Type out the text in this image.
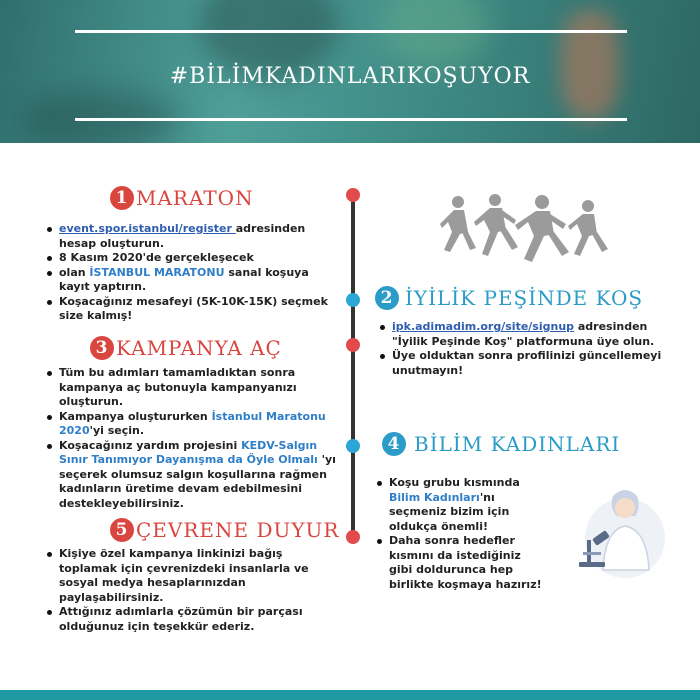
#BİLİMKADINLARIKOŞUYOR
1 MARATON
event.spor.istanbul/register adresinden hesap oluşturun.
8 Kasım 2020'de gerçekleşecek
olan İSTANBUL MARATONU sanal koşuya kayıt yaptırın.
Koşacağınız mesafeyi (5K-10K-15K) seçmek size kalmış!
2 İYİLİK PEŞİNDE KOŞ
ipk.adimadim.org/site/signup adresinden "İyilik Peşinde Koş" platformuna üye olun.
Üye olduktan sonra profilinizi güncellemeyi unutmayın!
3 KAMPANYA AÇ
Tüm bu adımları tamamladıktan sonra kampanya aç butonuyla kampanyanızı oluşturun.
Kampanya oluştururken İstanbul Maratonu 2020'yi seçin.
Koşacağınız yardım projesini KEDV-Salgın Sınır Tanımıyor Dayanışma da Öyle Olmalı 'yı seçerek olumsuz salgın koşullarına rağmen kadınların üretime devam edebilmesini destekleyebilirsiniz.
4 BİLİM KADINLARI
Koşu grubu kısmında Bilim Kadınları'nı seçmeniz bizim için oldukça önemli!
Daha sonra hedefler kısmını da istediğiniz gibi doldurunca hep birlikte koşmaya hazırız!
5 ÇEVRENE DUYUR
Kişiye özel kampanya linkinizi bağış toplamak için çevrenizdeki insanlarla ve sosyal medya hesaplarınızdan paylaşabilirsiniz.
Attığınız adımlarla çözümün bir parçası olduğunuz için teşekkür ederiz.
